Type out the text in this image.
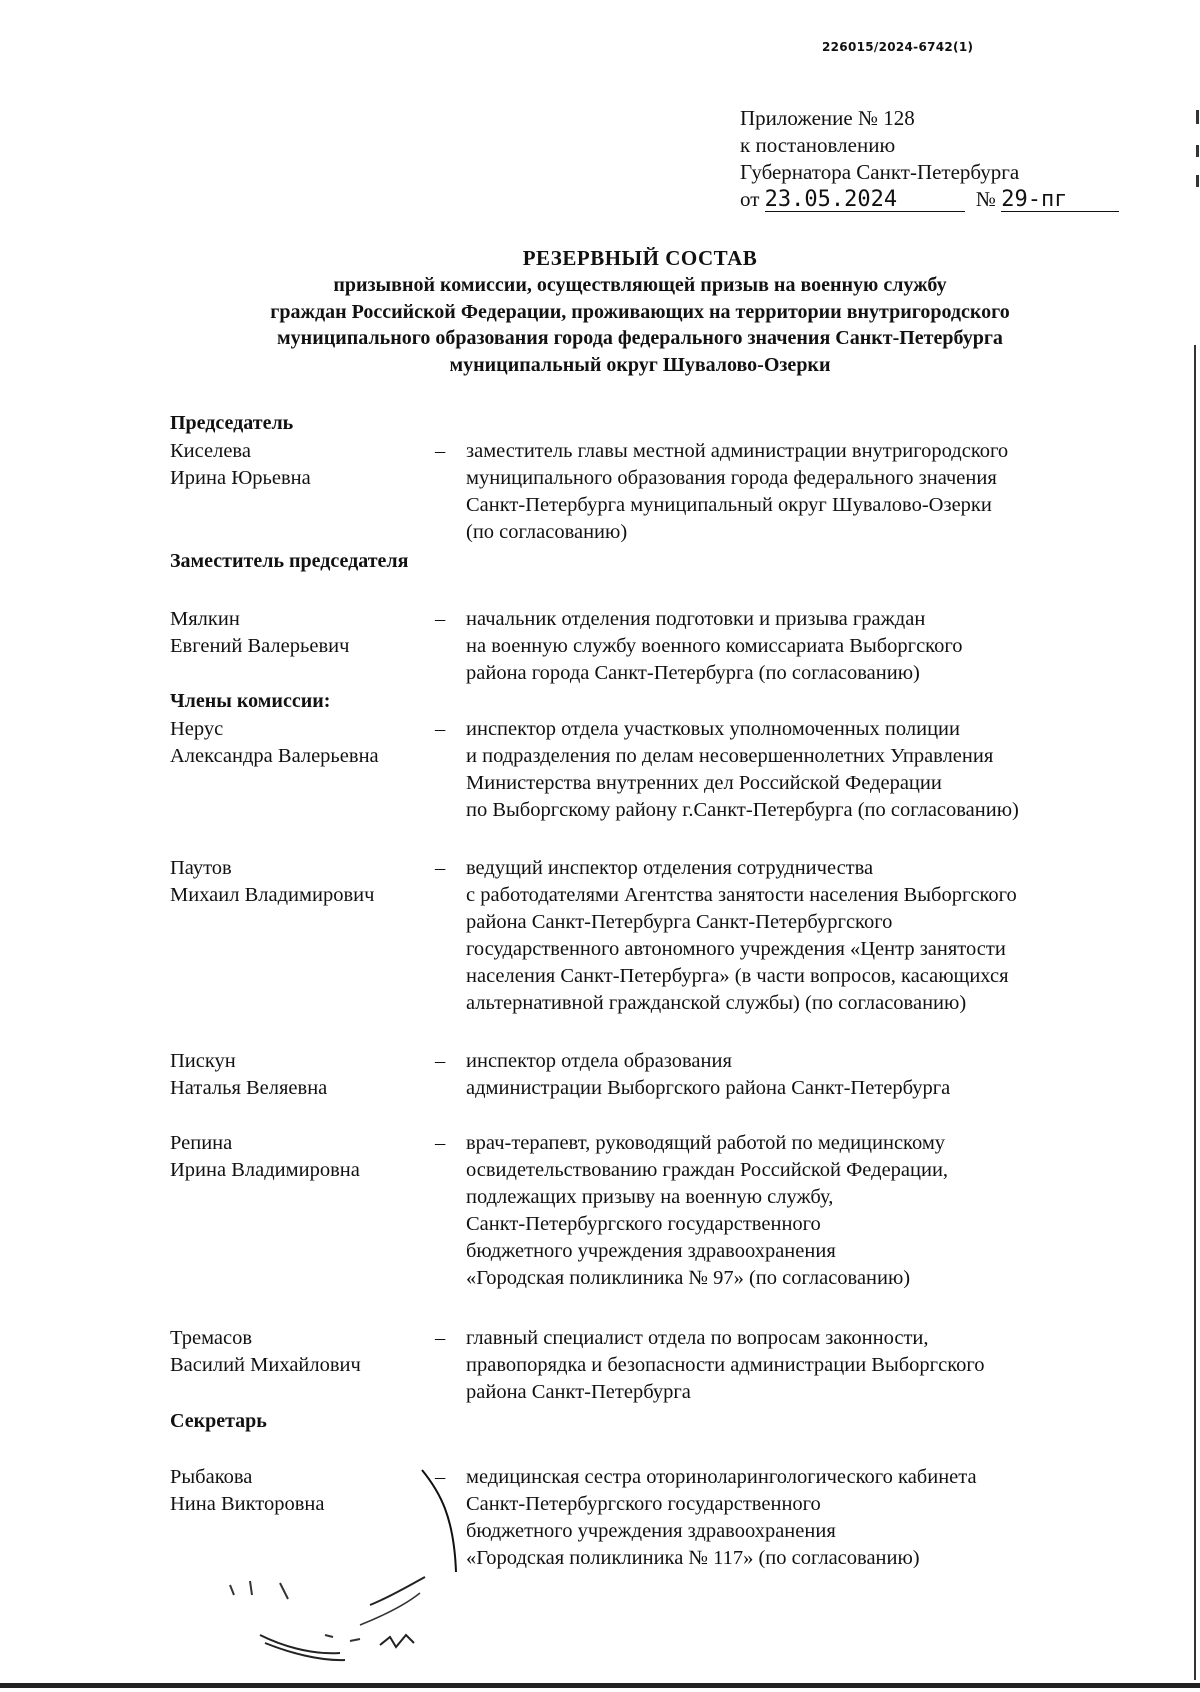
226015/2024-6742(1)
Приложение № 128
к постановлению
Губернатора Санкт-Петербурга
от 23.05.2024	№ 29-пг
РЕЗЕРВНЫЙ СОСТАВ
призывной комиссии, осуществляющей призыв на военную службу
граждан Российской Федерации, проживающих на территории внутригородского
муниципального образования города федерального значения Санкт-Петербурга
муниципальный округ Шувалово-Озерки
Председатель
Киселева
Ирина Юрьевна
– заместитель главы местной администрации внутригородского
муниципального образования города федерального значения
Санкт-Петербурга муниципальный округ Шувалово-Озерки
(по согласованию)
Заместитель председателя
Мялкин
Евгений Валерьевич
– начальник отделения подготовки и призыва граждан
на военную службу военного комиссариата Выборгского
района города Санкт-Петербурга (по согласованию)
Члены комиссии:
Нерус
Александра Валерьевна
– инспектор отдела участковых уполномоченных полиции
и подразделения по делам несовершеннолетних Управления
Министерства внутренних дел Российской Федерации
по Выборгскому району г.Санкт-Петербурга (по согласованию)
Паутов
Михаил Владимирович
– ведущий инспектор отделения сотрудничества
с работодателями Агентства занятости населения Выборгского
района Санкт-Петербурга Санкт-Петербургского
государственного автономного учреждения «Центр занятости
населения Санкт-Петербурга» (в части вопросов, касающихся
альтернативной гражданской службы) (по согласованию)
Пискун
Наталья Веляевна
– инспектор отдела образования
администрации Выборгского района Санкт-Петербурга
Репина
Ирина Владимировна
– врач-терапевт, руководящий работой по медицинскому
освидетельствованию граждан Российской Федерации,
подлежащих призыву на военную службу,
Санкт-Петербургского государственного
бюджетного учреждения здравоохранения
«Городская поликлиника № 97» (по согласованию)
Тремасов
Василий Михайлович
– главный специалист отдела по вопросам законности,
правопорядка и безопасности администрации Выборгского
района Санкт-Петербурга
Секретарь
Рыбакова
Нина Викторовна
– медицинская сестра оториноларингологического кабинета
Санкт-Петербургского государственного
бюджетного учреждения здравоохранения
«Городская поликлиника № 117» (по согласованию)
